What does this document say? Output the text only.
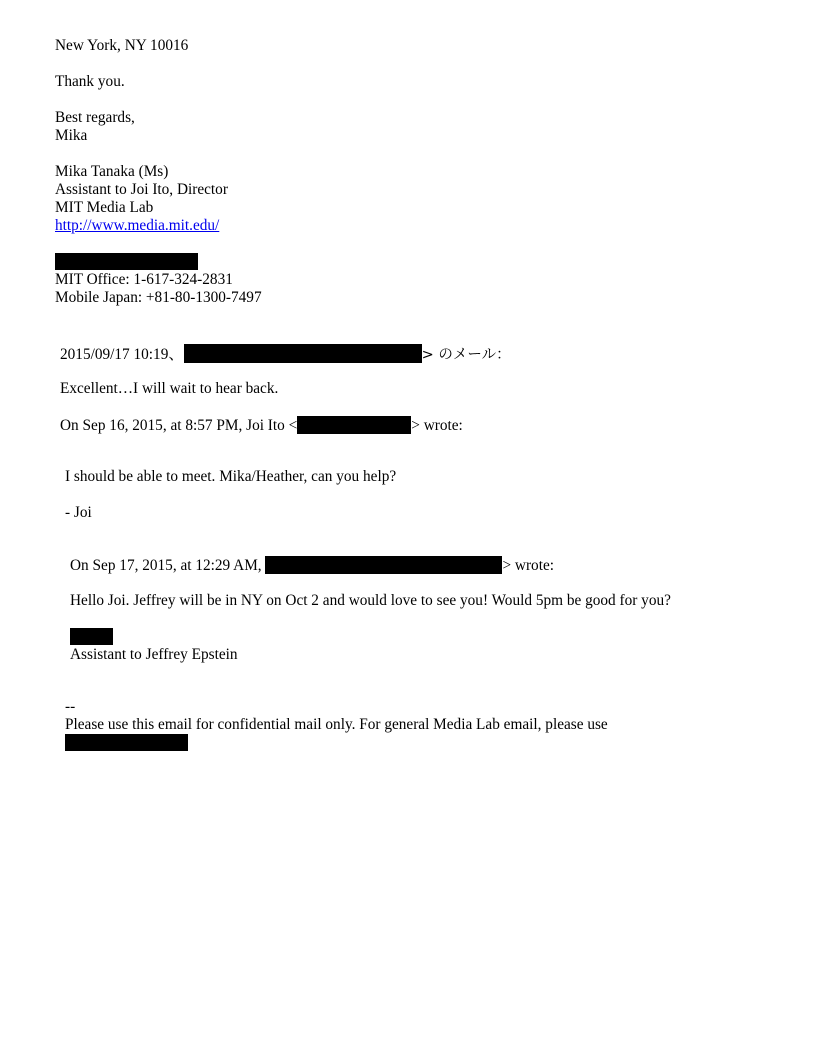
New York, NY 10016
Thank you.
Best regards,
Mika
Mika Tanaka (Ms)
Assistant to Joi Ito, Director
MIT Media Lab
http://www.media.mit.edu/
MIT Office: 1-617-324-2831
Mobile Japan: +81-80-1300-7497
2015/09/17 10:19、	> のメール：
Excellent…I will wait to hear back.
On Sep 16, 2015, at 8:57 PM, Joi Ito <	> wrote:
I should be able to meet. Mika/Heather, can you help?
- Joi
On Sep 17, 2015, at 12:29 AM,	> wrote:
Hello Joi. Jeffrey will be in NY on Oct 2 and would love to see you! Would 5pm be good for you?
Assistant to Jeffrey Epstein
--
Please use this email for confidential mail only. For general Media Lab email, please use
